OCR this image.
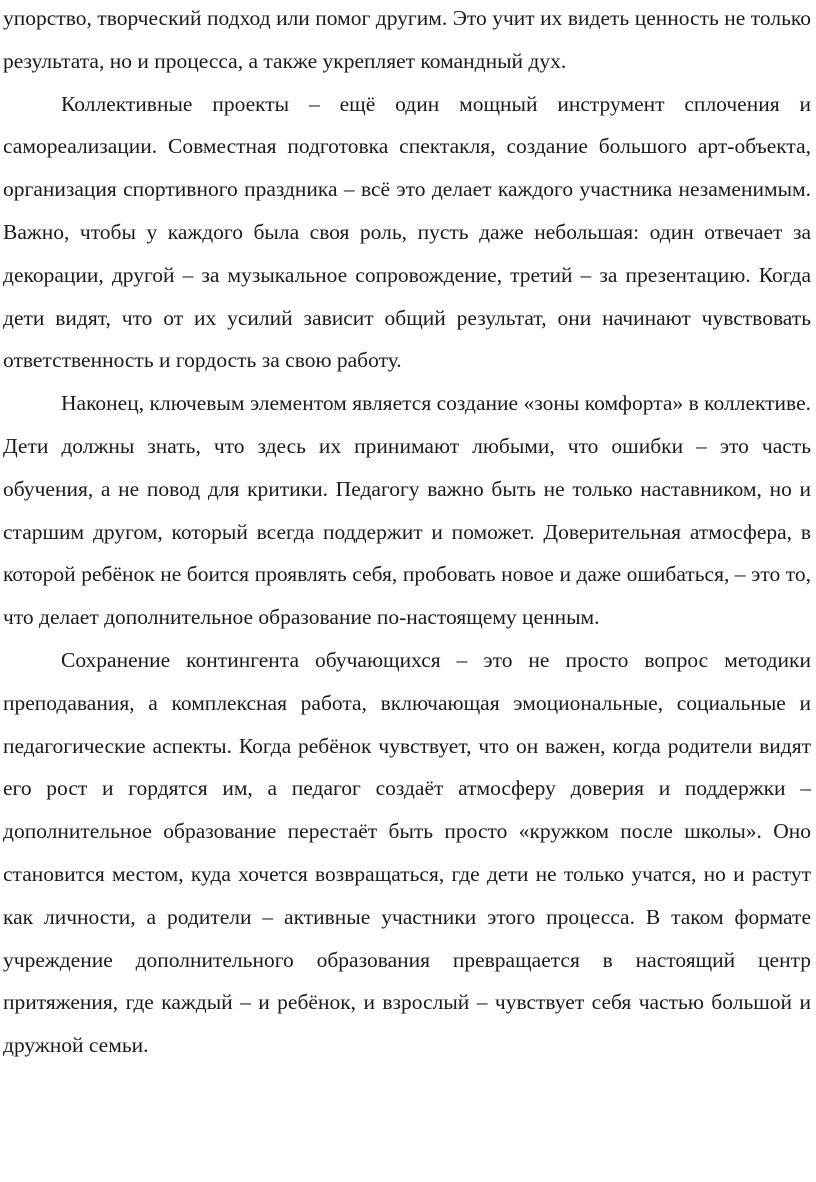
упорство, творческий подход или помог другим. Это учит их видеть ценность не только результата, но и процесса, а также укрепляет командный дух.

Коллективные проекты – ещё один мощный инструмент сплочения и самореализации. Совместная подготовка спектакля, создание большого арт-объекта, организация спортивного праздника – всё это делает каждого участника незаменимым. Важно, чтобы у каждого была своя роль, пусть даже небольшая: один отвечает за декорации, другой – за музыкальное сопровождение, третий – за презентацию. Когда дети видят, что от их усилий зависит общий результат, они начинают чувствовать ответственность и гордость за свою работу.

Наконец, ключевым элементом является создание «зоны комфорта» в коллективе. Дети должны знать, что здесь их принимают любыми, что ошибки – это часть обучения, а не повод для критики. Педагогу важно быть не только наставником, но и старшим другом, который всегда поддержит и поможет. Доверительная атмосфера, в которой ребёнок не боится проявлять себя, пробовать новое и даже ошибаться, – это то, что делает дополнительное образование по-настоящему ценным.

Сохранение контингента обучающихся – это не просто вопрос методики преподавания, а комплексная работа, включающая эмоциональные, социальные и педагогические аспекты. Когда ребёнок чувствует, что он важен, когда родители видят его рост и гордятся им, а педагог создаёт атмосферу доверия и поддержки – дополнительное образование перестаёт быть просто «кружком после школы». Оно становится местом, куда хочется возвращаться, где дети не только учатся, но и растут как личности, а родители – активные участники этого процесса. В таком формате учреждение дополнительного образования превращается в настоящий центр притяжения, где каждый – и ребёнок, и взрослый – чувствует себя частью большой и дружной семьи.
